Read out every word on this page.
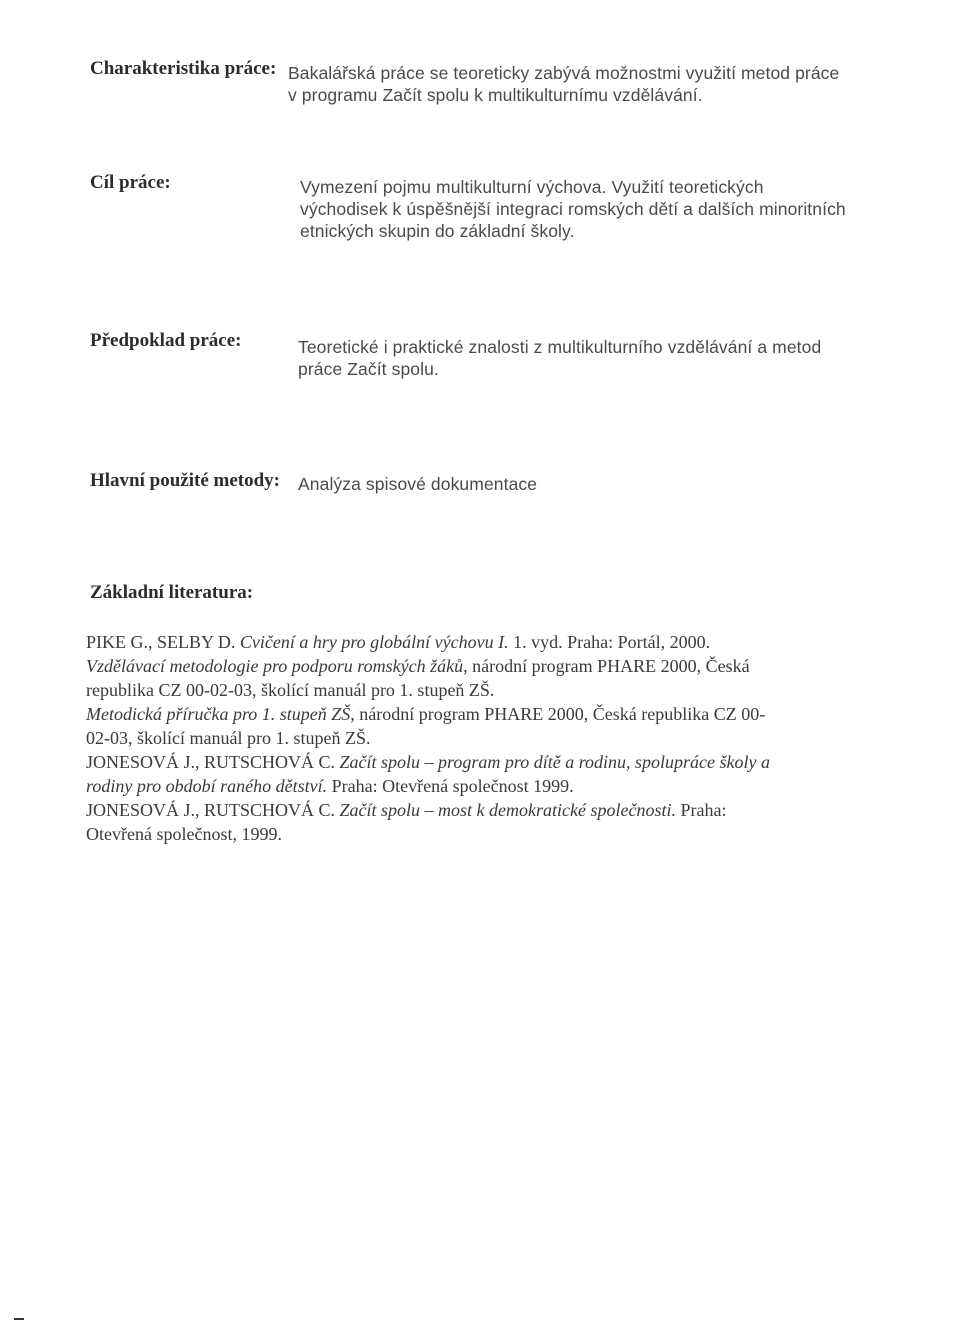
Charakteristika práce: Bakalářská práce se teoreticky zabývá možnostmi využití metod práce
v programu Začít spolu k multikulturnímu vzdělávání.
Cíl práce:	Vymezení pojmu multikulturní výchova. Využití teoretických
východisek k úspěšnější integraci romských dětí a dalších minoritních
etnických skupin do základní školy.
Předpoklad práce:	Teoretické i praktické znalosti z multikulturního vzdělávání a metod
práce Začít spolu.
Hlavní použité metody: Analýza spisové dokumentace
Základní literatura:
PIKE G., SELBY D. Cvičení a hry pro globální výchovu I. 1. vyd. Praha: Portál, 2000.
Vzdělávací metodologie pro podporu romských žáků, národní program PHARE 2000, Česká
republika CZ 00-02-03, školící manuál pro 1. stupeň ZŠ.
Metodická příručka pro 1. stupeň ZŠ, národní program PHARE 2000, Česká republika CZ 00-
02-03, školící manuál pro 1. stupeň ZŠ.
JONESOVÁ J., RUTSCHOVÁ C. Začít spolu – program pro dítě a rodinu, spolupráce školy a
rodiny pro období raného dětství. Praha: Otevřená společnost 1999.
JONESOVÁ J., RUTSCHOVÁ C. Začít spolu – most k demokratické společnosti. Praha:
Otevřená společnost, 1999.
